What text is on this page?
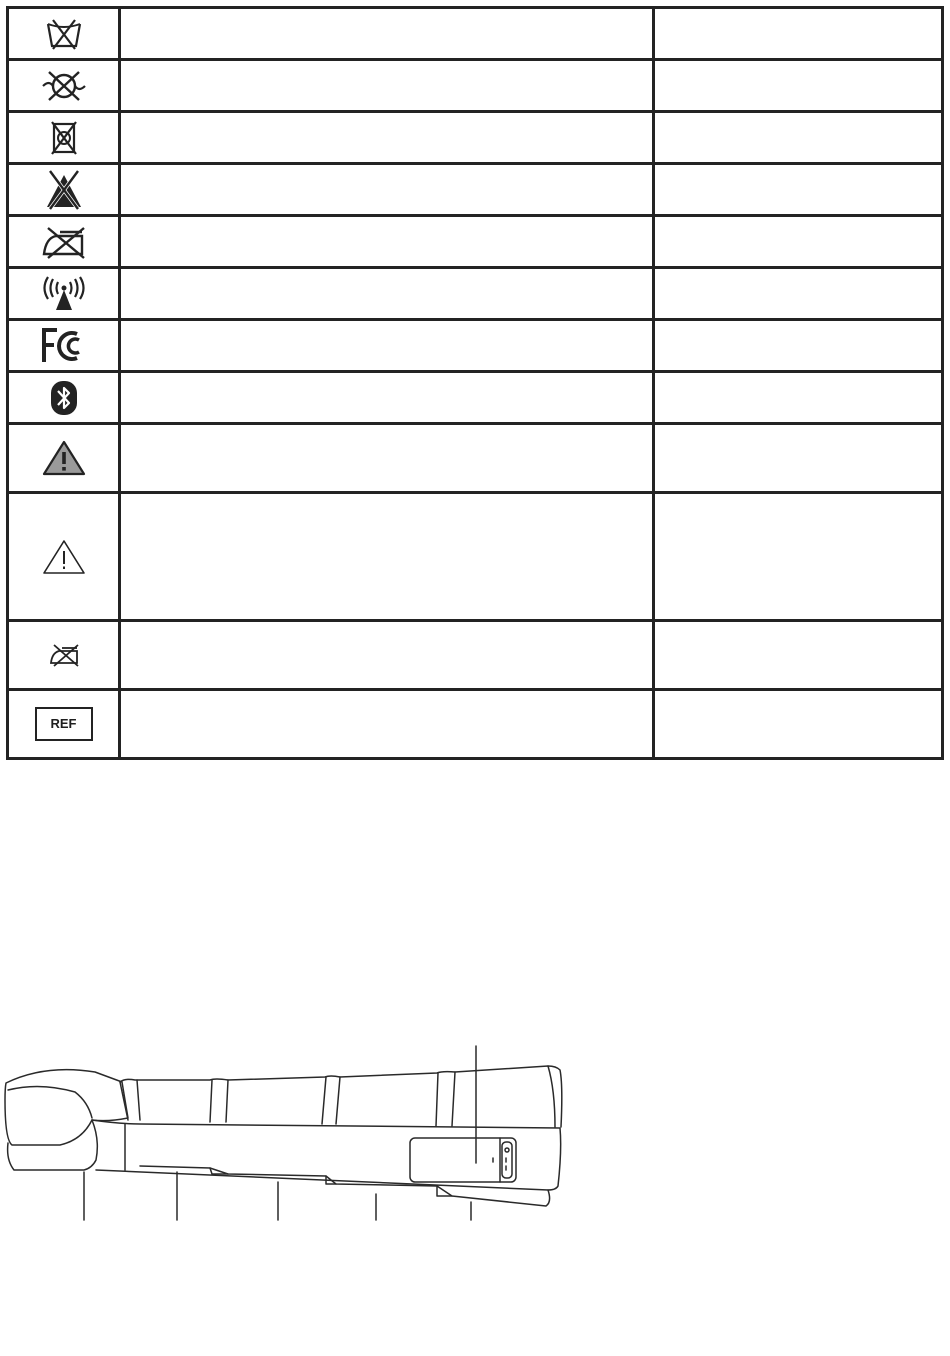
REF		
